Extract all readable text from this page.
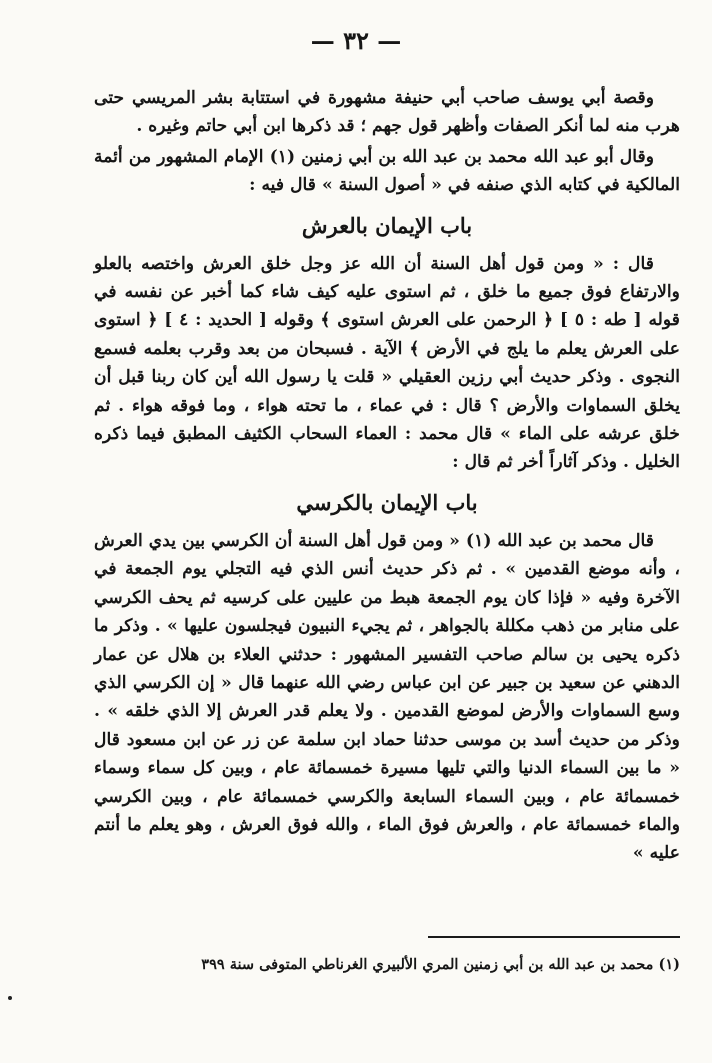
— ٣٢ —

وقصة أبي يوسف صاحب أبي حنيفة مشهورة في استتابة بشر المريسي حتى هرب منه لما أنكر الصفات وأظهر قول جهم ؛ قد ذكرها ابن أبي حاتم وغيره .

وقال أبو عبد الله محمد بن عبد الله بن أبي زمنين (١) الإمام المشهور من أئمة المالكية في كتابه الذي صنفه في « أصول السنة » قال فيه :

باب الإيمان بالعرش

قال : « ومن قول أهل السنة أن الله عز وجل خلق العرش واختصه بالعلو والارتفاع فوق جميع ما خلق ، ثم استوى عليه كيف شاء كما أخبر عن نفسه في قوله [ طه : ٥ ] ﴿ الرحمن على العرش استوى ﴾ وقوله [ الحديد : ٤ ] ﴿ استوى على العرش يعلم ما يلج في الأرض ﴾ الآية . فسبحان من بعد وقرب بعلمه فسمع النجوى . وذكر حديث أبي رزين العقيلي « قلت يا رسول الله أين كان ربنا قبل أن يخلق السماوات والأرض ؟ قال : في عماء ، ما تحته هواء ، وما فوقه هواء . ثم خلق عرشه على الماء » قال محمد : العماء السحاب الكثيف المطبق فيما ذكره الخليل . وذكر آثاراً أخر ثم قال :

باب الإيمان بالكرسي

قال محمد بن عبد الله (١) « ومن قول أهل السنة أن الكرسي بين يدي العرش ، وأنه موضع القدمين » . ثم ذكر حديث أنس الذي فيه التجلي يوم الجمعة في الآخرة وفيه « فإذا كان يوم الجمعة هبط من عليين على كرسيه ثم يحف الكرسي على منابر من ذهب مكللة بالجواهر ، ثم يجيء النبيون فيجلسون عليها » . وذكر ما ذكره يحيى بن سالم صاحب التفسير المشهور : حدثني العلاء بن هلال عن عمار الدهني عن سعيد بن جبير عن ابن عباس رضي الله عنهما قال « إن الكرسي الذي وسع السماوات والأرض لموضع القدمين . ولا يعلم قدر العرش إلا الذي خلقه » . وذكر من حديث أسد بن موسى حدثنا حماد ابن سلمة عن زر عن ابن مسعود قال « ما بين السماء الدنيا والتي تليها مسيرة خمسمائة عام ، وبين كل سماء وسماء خمسمائة عام ، وبين السماء السابعة والكرسي خمسمائة عام ، وبين الكرسي والماء خمسمائة عام ، والعرش فوق الماء ، والله فوق العرش ، وهو يعلم ما أنتم عليه »

(١) محمد بن عبد الله بن أبي زمنين المري الألبيري الغرناطي المتوفى سنة ٣٩٩
